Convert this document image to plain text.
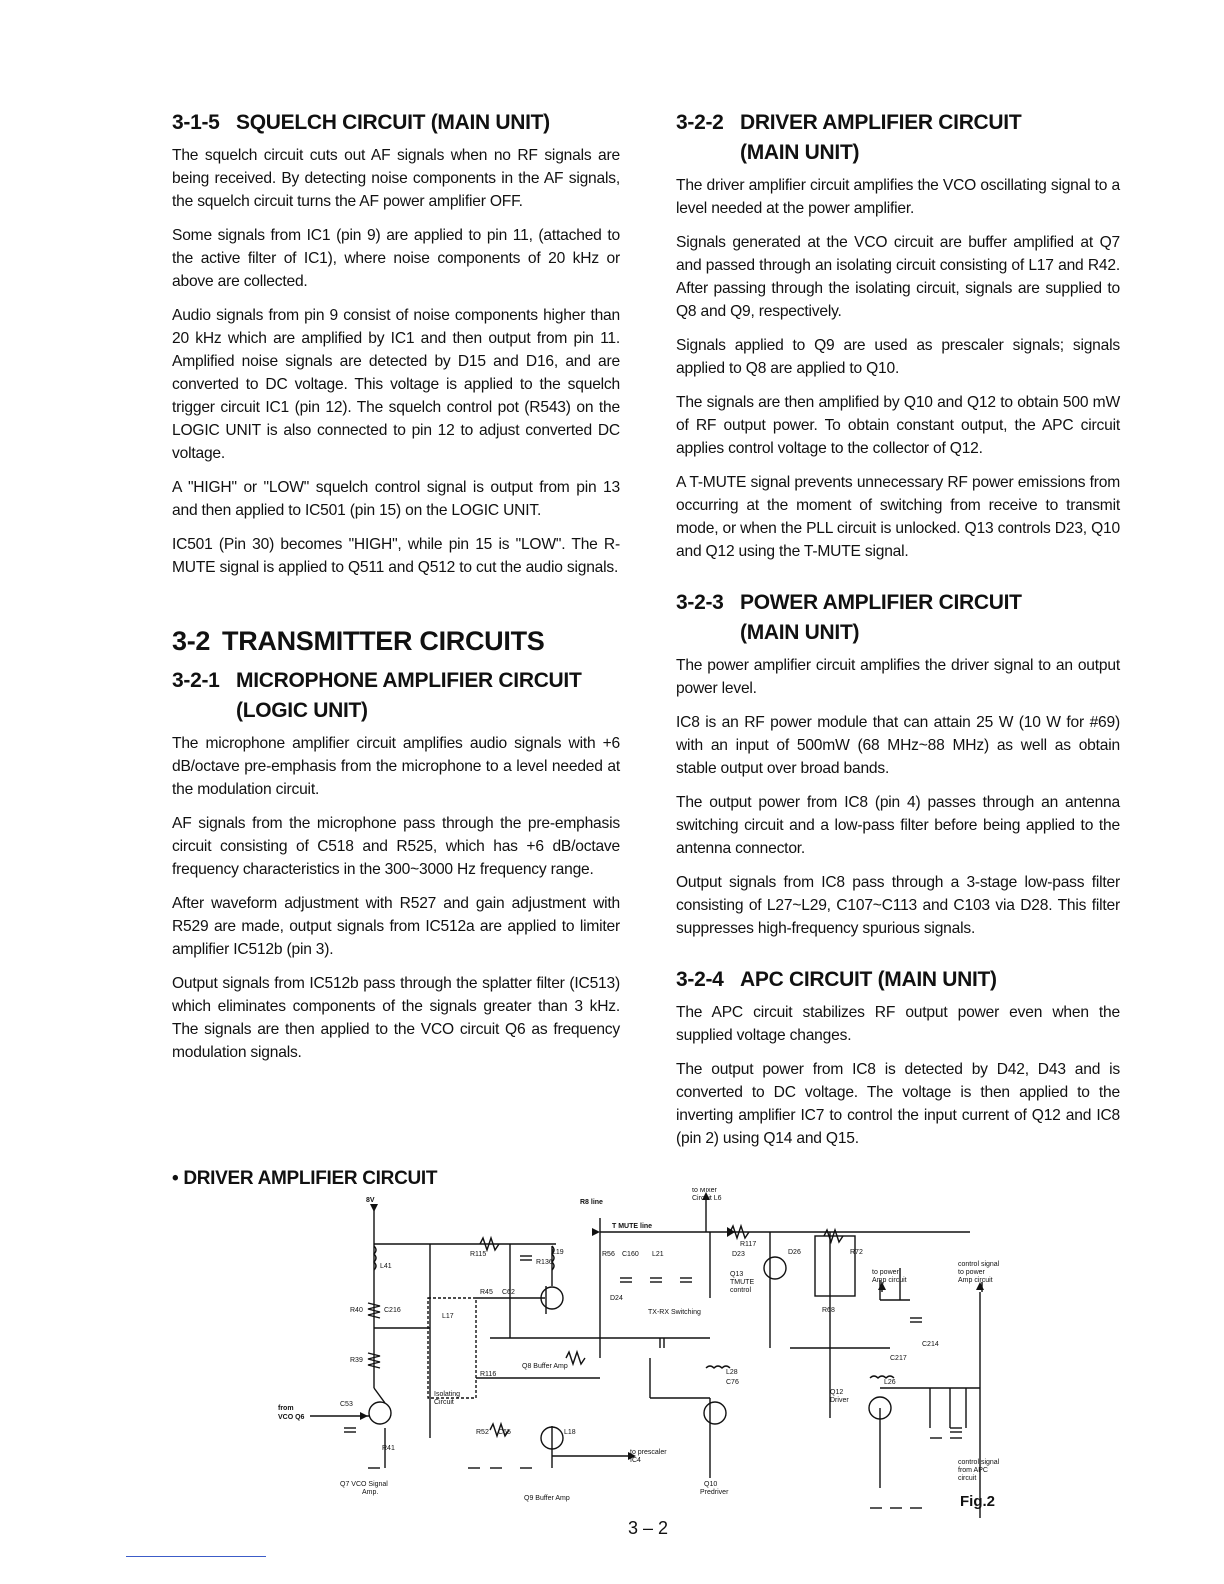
3-1-5 SQUELCH CIRCUIT (MAIN UNIT)

The squelch circuit cuts out AF signals when no RF signals are being received. By detecting noise components in the AF signals, the squelch circuit turns the AF power amplifier OFF.

Some signals from IC1 (pin 9) are applied to pin 11, (attached to the active filter of IC1), where noise components of 20 kHz or above are collected.

Audio signals from pin 9 consist of noise components higher than 20 kHz which are amplified by IC1 and then output from pin 11. Amplified noise signals are detected by D15 and D16, and are converted to DC voltage. This voltage is applied to the squelch trigger circuit IC1 (pin 12). The squelch control pot (R543) on the LOGIC UNIT is also connected to pin 12 to adjust converted DC voltage.

A "HIGH" or "LOW" squelch control signal is output from pin 13 and then applied to IC501 (pin 15) on the LOGIC UNIT.

IC501 (Pin 30) becomes "HIGH", while pin 15 is "LOW". The R-MUTE signal is applied to Q511 and Q512 to cut the audio signals.

3-2 TRANSMITTER CIRCUITS
3-2-1 MICROPHONE AMPLIFIER CIRCUIT
(LOGIC UNIT)

The microphone amplifier circuit amplifies audio signals with +6 dB/octave pre-emphasis from the microphone to a level needed at the modulation circuit.

AF signals from the microphone pass through the pre-emphasis circuit consisting of C518 and R525, which has +6 dB/octave frequency characteristics in the 300~3000 Hz frequency range.

After waveform adjustment with R527 and gain adjustment with R529 are made, output signals from IC512a are applied to limiter amplifier IC512b (pin 3).

Output signals from IC512b pass through the splatter filter (IC513) which eliminates components of the signals greater than 3 kHz. The signals are then applied to the VCO circuit Q6 as frequency modulation signals.

3-2-2 DRIVER AMPLIFIER CIRCUIT
(MAIN UNIT)

The driver amplifier circuit amplifies the VCO oscillating signal to a level needed at the power amplifier.

Signals generated at the VCO circuit are buffer amplified at Q7 and passed through an isolating circuit consisting of L17 and R42. After passing through the isolating circuit, signals are supplied to Q8 and Q9, respectively.

Signals applied to Q9 are used as prescaler signals; signals applied to Q8 are applied to Q10.

The signals are then amplified by Q10 and Q12 to obtain 500 mW of RF output power. To obtain constant output, the APC circuit applies control voltage to the collector of Q12.

A T-MUTE signal prevents unnecessary RF power emissions from occurring at the moment of switching from receive to transmit mode, or when the PLL circuit is unlocked. Q13 controls D23, Q10 and Q12 using the T-MUTE signal.

3-2-3 POWER AMPLIFIER CIRCUIT
(MAIN UNIT)

The power amplifier circuit amplifies the driver signal to an output power level.

IC8 is an RF power module that can attain 25 W (10 W for #69) with an input of 500mW (68 MHz~88 MHz) as well as obtain stable output over broad bands.

The output power from IC8 (pin 4) passes through an antenna switching circuit and a low-pass filter before being applied to the antenna connector.

Output signals from IC8 pass through a 3-stage low-pass filter consisting of L27~L29, C107~C113 and C103 via D28. This filter suppresses high-frequency spurious signals.

3-2-4 APC CIRCUIT (MAIN UNIT)

The APC circuit stabilizes RF output power even when the supplied voltage changes.

The output power from IC8 is detected by D42, D43 and is converted to DC voltage. The voltage is then applied to the inverting amplifier IC7 to control the input current of Q12 and IC8 (pin 2) using Q14 and Q15.

• DRIVER AMPLIFIER CIRCUIT
8V	R8 line
to Mixer
Circuit L6
T MUTE line
from
VCO Q6
Q7 VCO Signal
Amp.
Q8 Buffer Amp
Q9 Buffer Amp
Isolating
Circuit
TX-RX Switching
to prescaler
IC4
Q10
Predriver
Q12
Driver
Q13
TMUTE
control
to power
Amp circuit
control signal
to power
Amp circuit
control signal
from APC
circuit
R115
R116
R117
R136
L19	L21
L18
L17
D23	D26	R72
C160
R56
R45 C62
R52 C65
C53
R40
R39
R41
L41
L26
L28
C76
R68
C217
C214
C216
D24
Fig.2
3 – 2
